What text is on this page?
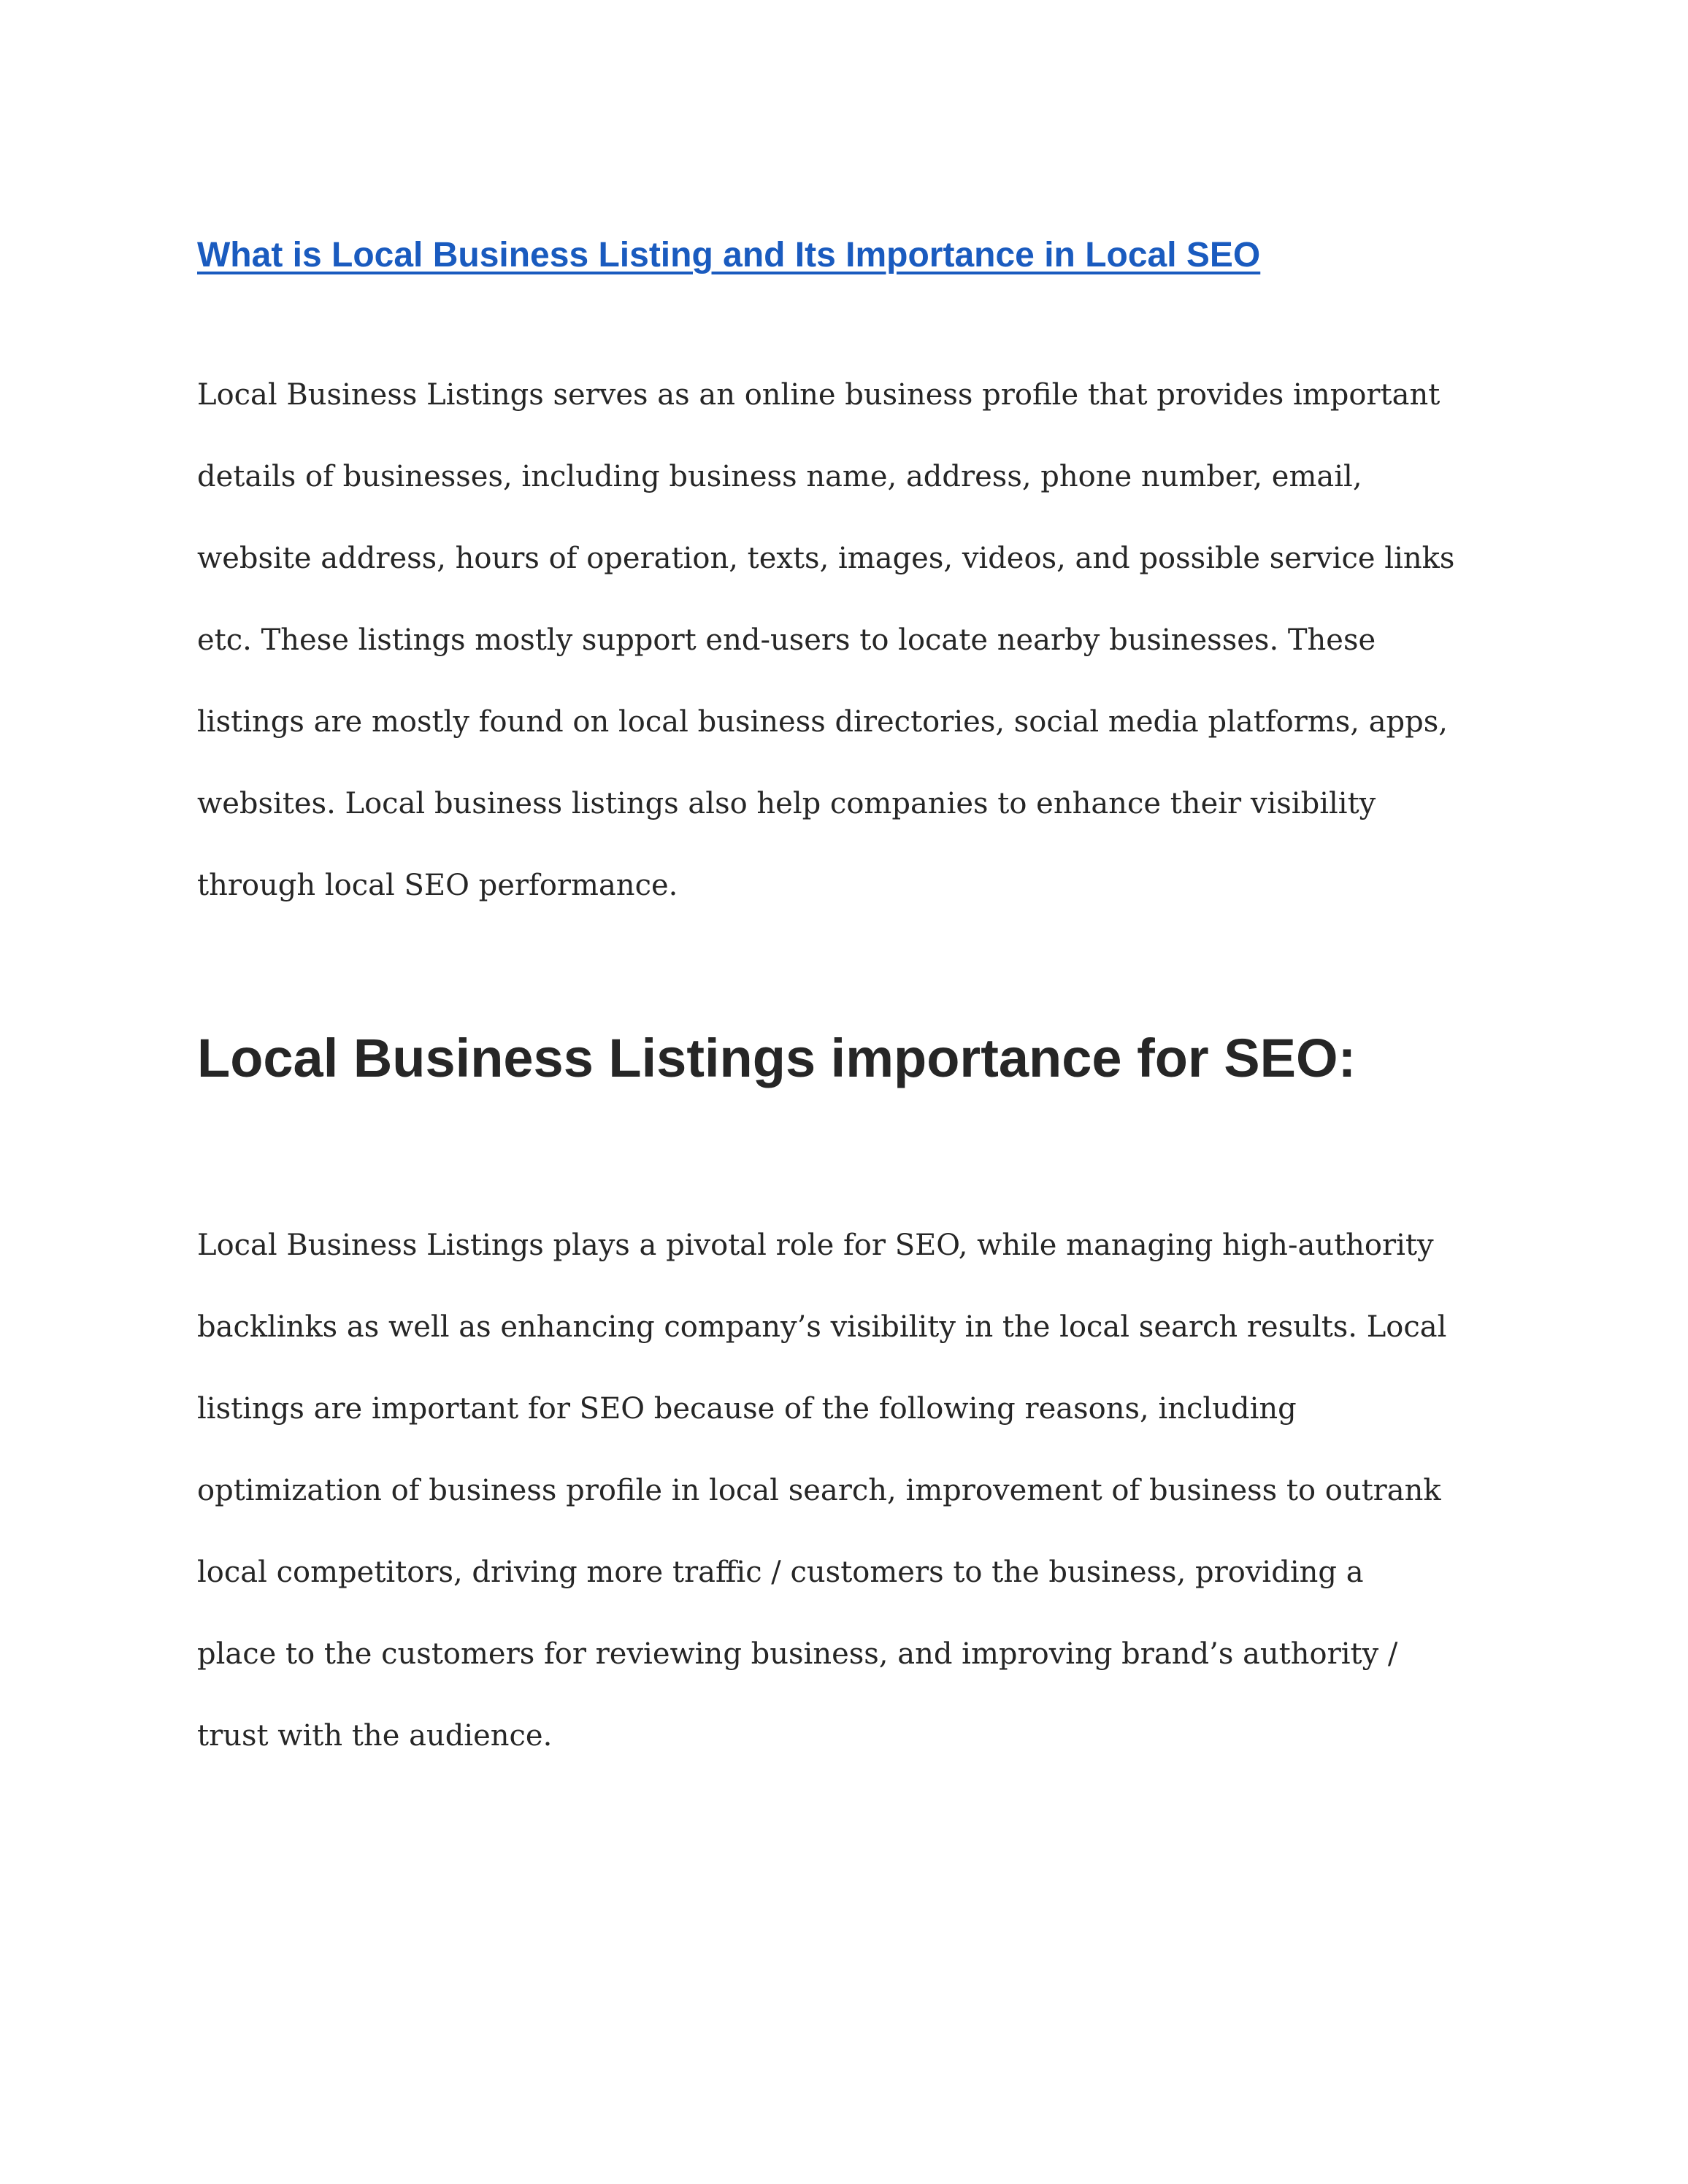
What is Local Business Listing and Its Importance in Local SEO
Local Business Listings serves as an online business profile that provides important
details of businesses, including business name, address, phone number, email,
website address, hours of operation, texts, images, videos, and possible service links
etc. These listings mostly support end-users to locate nearby businesses. These
listings are mostly found on local business directories, social media platforms, apps,
websites. Local business listings also help companies to enhance their visibility
through local SEO performance.
Local Business Listings importance for SEO:
Local Business Listings plays a pivotal role for SEO, while managing high-authority
backlinks as well as enhancing company’s visibility in the local search results. Local
listings are important for SEO because of the following reasons, including
optimization of business profile in local search, improvement of business to outrank
local competitors, driving more traffic / customers to the business, providing a
place to the customers for reviewing business, and improving brand’s authority /
trust with the audience.
